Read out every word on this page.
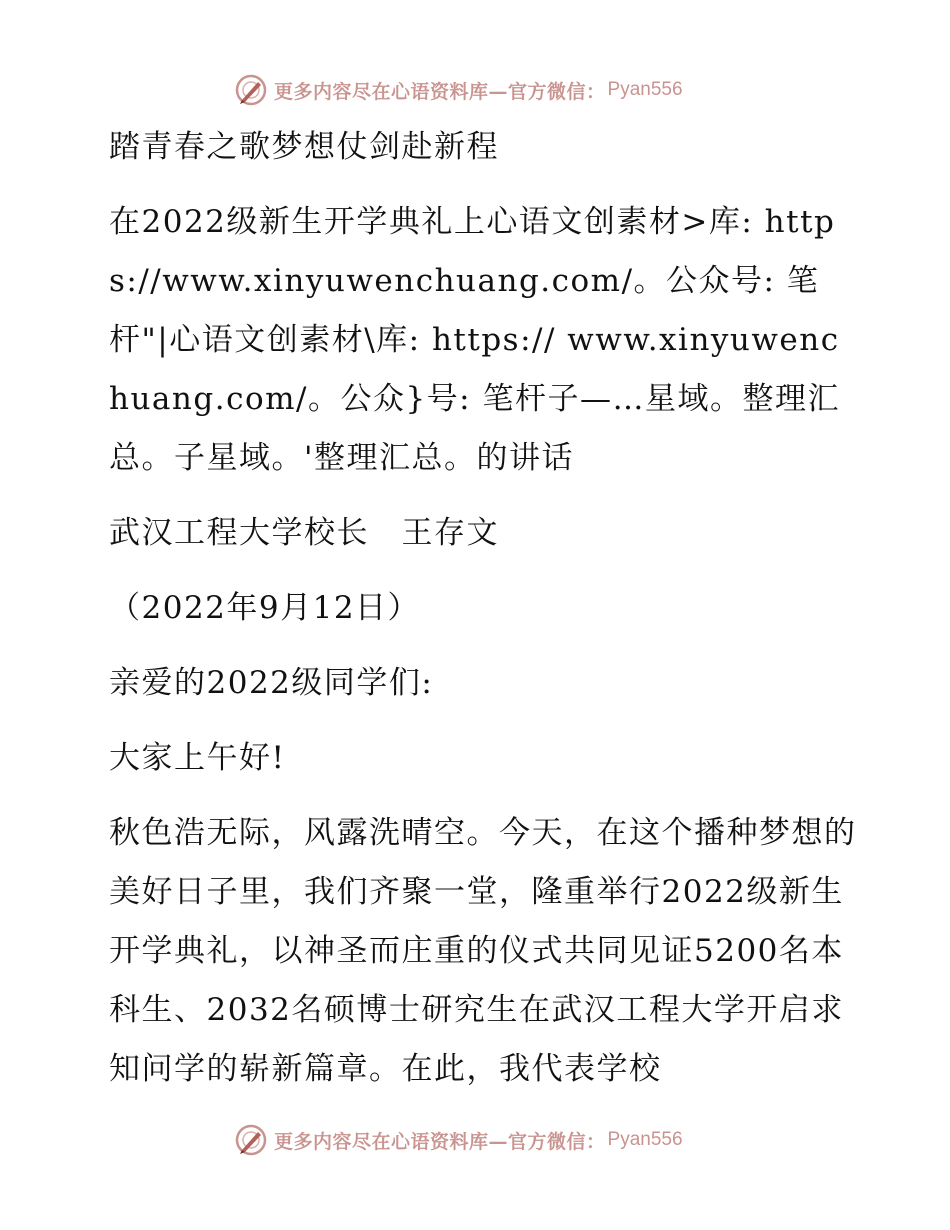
更多内容尽在心语资料库—官方微信： Pyan556

踏青春之歌梦想仗剑赴新程

在2022级新生开学典礼上心语文创素材>库: https://www.xinyuwenchuang.com/。公众号: 笔杆"|心语文创素材\库: https:// www.xinyuwenchuang.com/。公众}号: 笔杆子—…星域。整理汇总。子星域。'整理汇总。的讲话

武汉工程大学校长　王存文

（2022年9月12日）

亲爱的2022级同学们:

大家上午好!

秋色浩无际，风露洗晴空。今天，在这个播种梦想的美好日子里，我们齐聚一堂，隆重举行2022级新生开学典礼，以神圣而庄重的仪式共同见证5200名本科生、2032名硕博士研究生在武汉工程大学开启求知问学的崭新篇章。在此，我代表学校

更多内容尽在心语资料库—官方微信： Pyan556
